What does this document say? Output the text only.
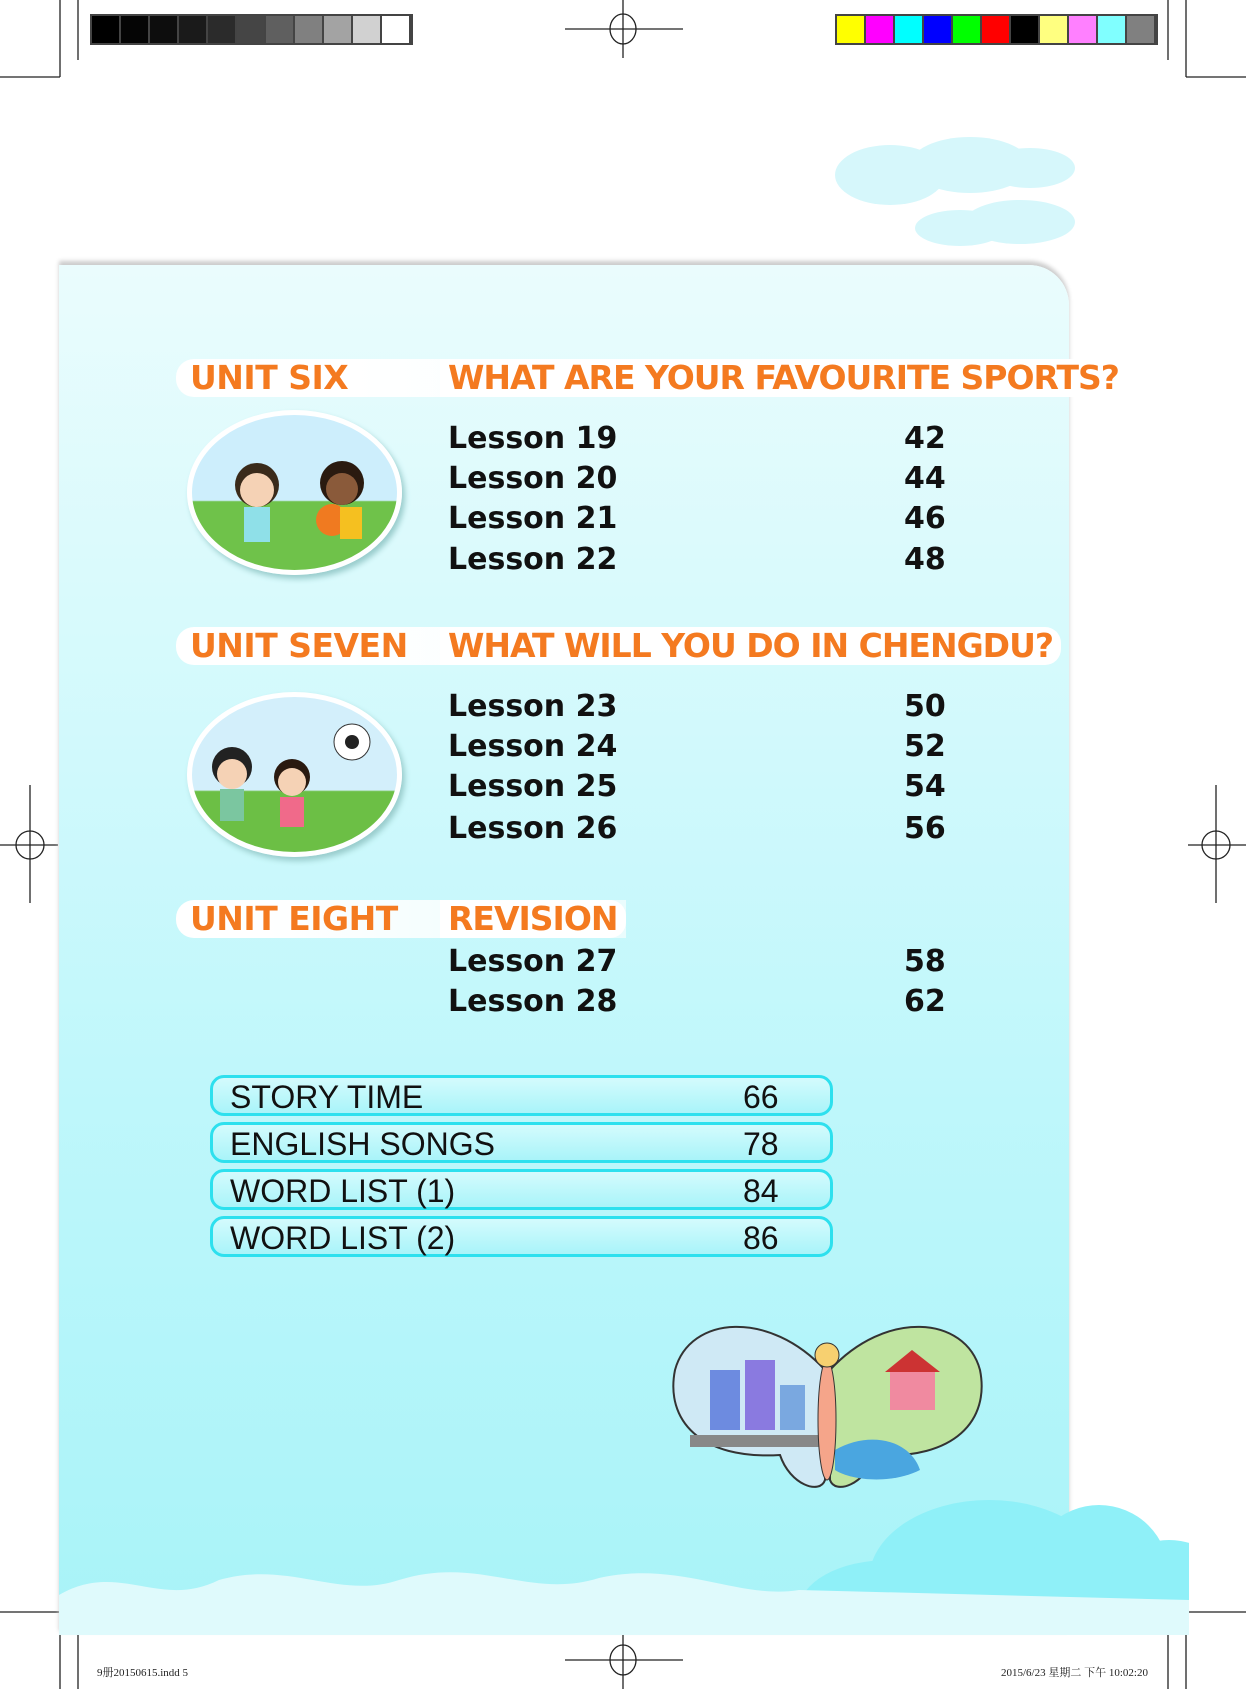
UNIT SIX	WHAT ARE YOUR FAVOURITE SPORTS?
Lesson 19	42
Lesson 20	44
Lesson 21	46
Lesson 22	48
UNIT SEVEN WHAT WILL YOU DO IN CHENGDU?
Lesson 23	50
Lesson 24	52
Lesson 25	54
Lesson 26	56
UNIT EIGHT REVISION
Lesson 27	58
Lesson 28	62
STORY TIME	66
ENGLISH SONGS	78
WORD LIST (1)	84
WORD LIST (2)	86
9册20150615.indd 5	2015/6/23 星期二 下午 10:02:20
